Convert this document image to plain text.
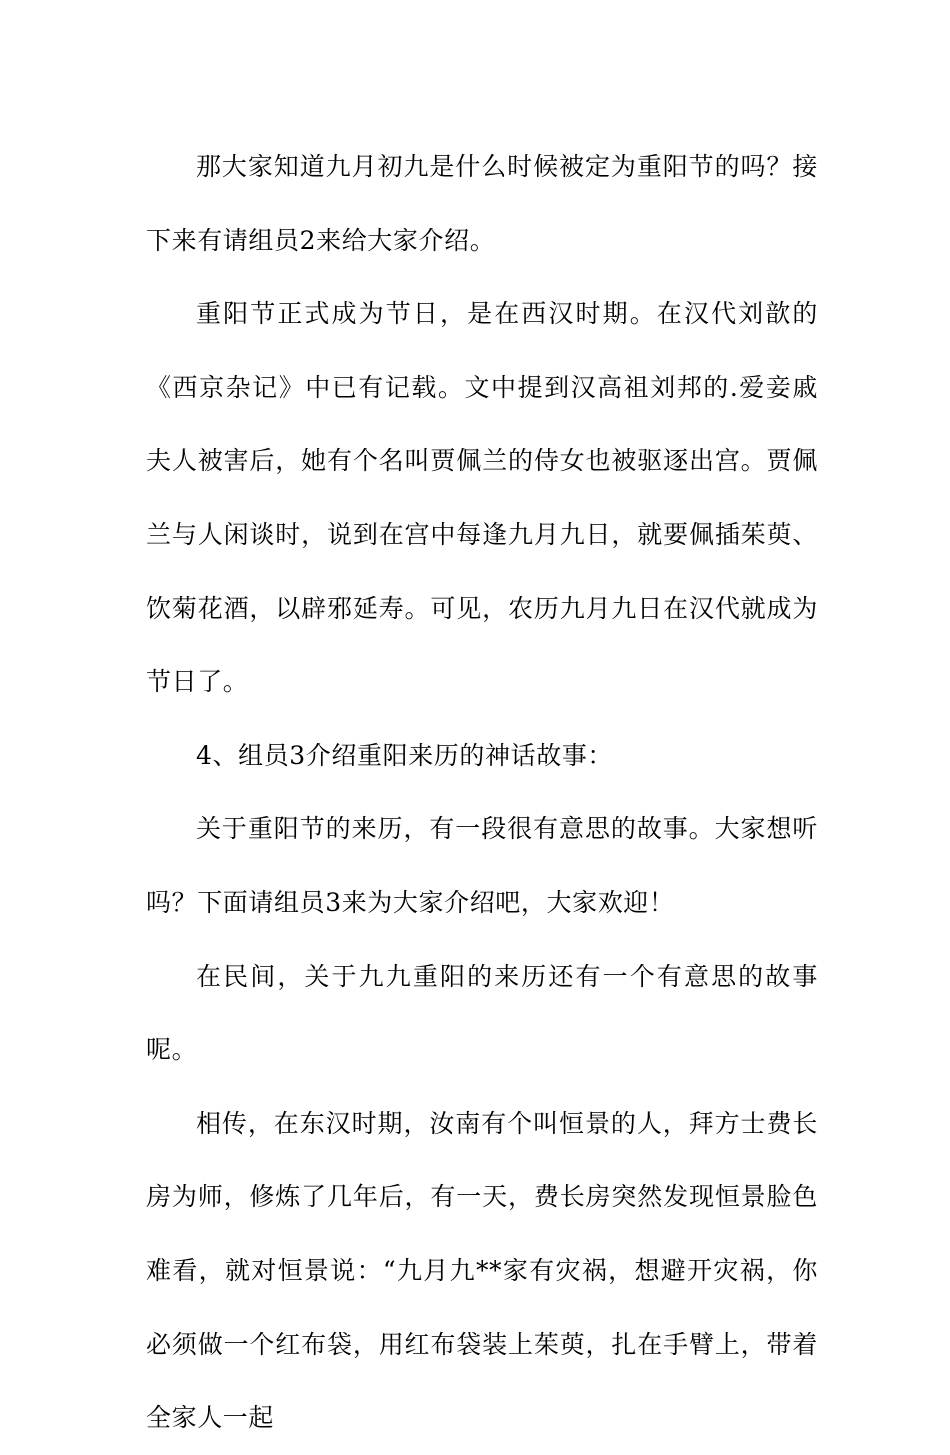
那大家知道九月初九是什么时候被定为重阳节的吗？接下来有请组员2来给大家介绍。

重阳节正式成为节日，是在西汉时期。在汉代刘歆的《西京杂记》中已有记载。文中提到汉高祖刘邦的.爱妾戚夫人被害后，她有个名叫贾佩兰的侍女也被驱逐出宫。贾佩兰与人闲谈时，说到在宫中每逢九月九日，就要佩插茱萸、饮菊花酒，以辟邪延寿。可见，农历九月九日在汉代就成为节日了。

4、组员3介绍重阳来历的神话故事：

关于重阳节的来历，有一段很有意思的故事。大家想听吗？下面请组员3来为大家介绍吧，大家欢迎！

在民间，关于九九重阳的来历还有一个有意思的故事呢。

相传，在东汉时期，汝南有个叫恒景的人，拜方士费长房为师，修炼了几年后，有一天，费长房突然发现恒景脸色难看，就对恒景说：“九月九**家有灾祸，想避开灾祸，你必须做一个红布袋，用红布袋装上茱萸，扎在手臂上，带着全家人一起
